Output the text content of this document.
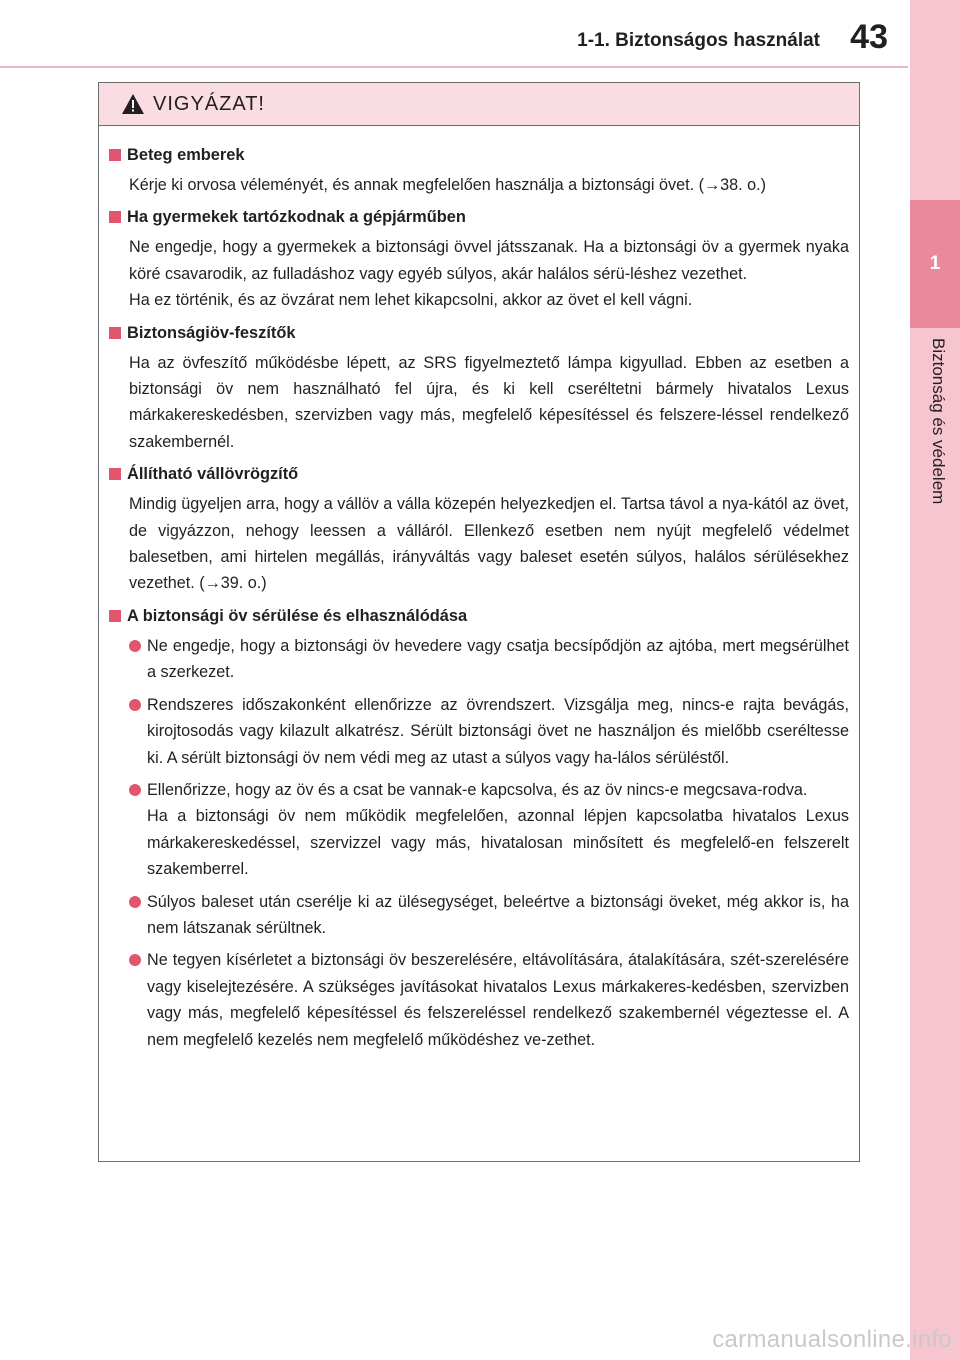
1
Biztonság és védelem
1-1. Biztonságos használat 43
VIGYÁZAT!
Beteg emberek
Kérje ki orvosa véleményét, és annak megfelelően használja a biztonsági övet. (→38. o.)
Ha gyermekek tartózkodnak a gépjárműben
Ne engedje, hogy a gyermekek a biztonsági övvel játsszanak. Ha a biztonsági öv a gyermek nyaka köré csavarodik, az fulladáshoz vagy egyéb súlyos, akár halálos sérü-léshez vezethet.
Ha ez történik, és az övzárat nem lehet kikapcsolni, akkor az övet el kell vágni.
Biztonságiöv-feszítők
Ha az övfeszítő működésbe lépett, az SRS figyelmeztető lámpa kigyullad. Ebben az esetben a biztonsági öv nem használható fel újra, és ki kell cseréltetni bármely hivatalos Lexus márkakereskedésben, szervizben vagy más, megfelelő képesítéssel és felszere-léssel rendelkező szakembernél.
Állítható vállövrögzítő
Mindig ügyeljen arra, hogy a vállöv a válla közepén helyezkedjen el. Tartsa távol a nya-kától az övet, de vigyázzon, nehogy leessen a válláról. Ellenkező esetben nem nyújt megfelelő védelmet balesetben, ami hirtelen megállás, irányváltás vagy baleset esetén súlyos, halálos sérülésekhez vezethet. (→39. o.)
A biztonsági öv sérülése és elhasználódása
Ne engedje, hogy a biztonsági öv hevedere vagy csatja becsípődjön az ajtóba, mert megsérülhet a szerkezet.
Rendszeres időszakonként ellenőrizze az övrendszert. Vizsgálja meg, nincs-e rajta bevágás, kirojtosodás vagy kilazult alkatrész. Sérült biztonsági övet ne használjon és mielőbb cseréltesse ki. A sérült biztonsági öv nem védi meg az utast a súlyos vagy ha-lálos sérüléstől.
Ellenőrizze, hogy az öv és a csat be vannak-e kapcsolva, és az öv nincs-e megcsava-rodva.
Ha a biztonsági öv nem működik megfelelően, azonnal lépjen kapcsolatba hivatalos Lexus márkakereskedéssel, szervizzel vagy más, hivatalosan minősített és megfelelő-en felszerelt szakemberrel.
Súlyos baleset után cserélje ki az ülésegységet, beleértve a biztonsági öveket, még akkor is, ha nem látszanak sérültnek.
Ne tegyen kísérletet a biztonsági öv beszerelésére, eltávolítására, átalakítására, szét-szerelésére vagy kiselejtezésére. A szükséges javításokat hivatalos Lexus márkakeres-kedésben, szervizben vagy más, megfelelő képesítéssel és felszereléssel rendelkező szakembernél végeztesse el. A nem megfelelő kezelés nem megfelelő működéshez ve-zethet.
carmanualsonline.info
